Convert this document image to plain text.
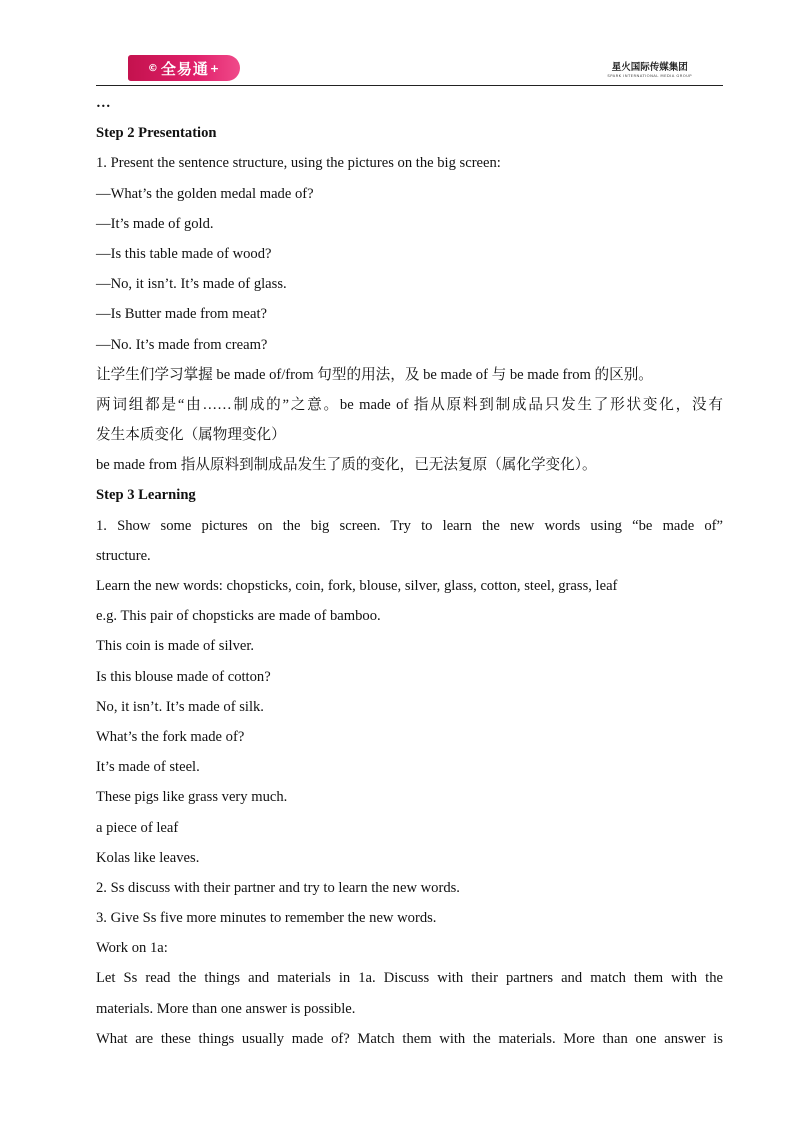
© 全易通 +	星火国际传媒集团
SPARK INTERNATIONAL MEDIA GROUP
…
Step 2 Presentation
1. Present the sentence structure, using the pictures on the big screen:
—What’s the golden medal made of?
—It’s made of gold.
—Is this table made of wood?
—No, it isn’t. It’s made of glass.
—Is Butter made from meat?
—No. It’s made from cream?
让学生们学习掌握 be made of/from 句型的用法，及 be made of 与 be made from 的区别。
两词组都是“由……制成的”之意。be made of 指从原料到制成品只发生了形状变化，没有
发生本质变化（属物理变化）
be made from 指从原料到制成品发生了质的变化，已无法复原（属化学变化）。
Step 3 Learning
1. Show some pictures on the big screen. Try to learn the new words using “be made of”
structure.
Learn the new words: chopsticks, coin, fork, blouse, silver, glass, cotton, steel, grass, leaf
e.g. This pair of chopsticks are made of bamboo.
This coin is made of silver.
Is this blouse made of cotton?
No, it isn’t. It’s made of silk.
What’s the fork made of?
It’s made of steel.
These pigs like grass very much.
a piece of leaf
Kolas like leaves.
2. Ss discuss with their partner and try to learn the new words.
3. Give Ss five more minutes to remember the new words.
Work on 1a:
Let Ss read the things and materials in 1a. Discuss with their partners and match them with the
materials. More than one answer is possible.
What are these things usually made of? Match them with the materials. More than one answer is
